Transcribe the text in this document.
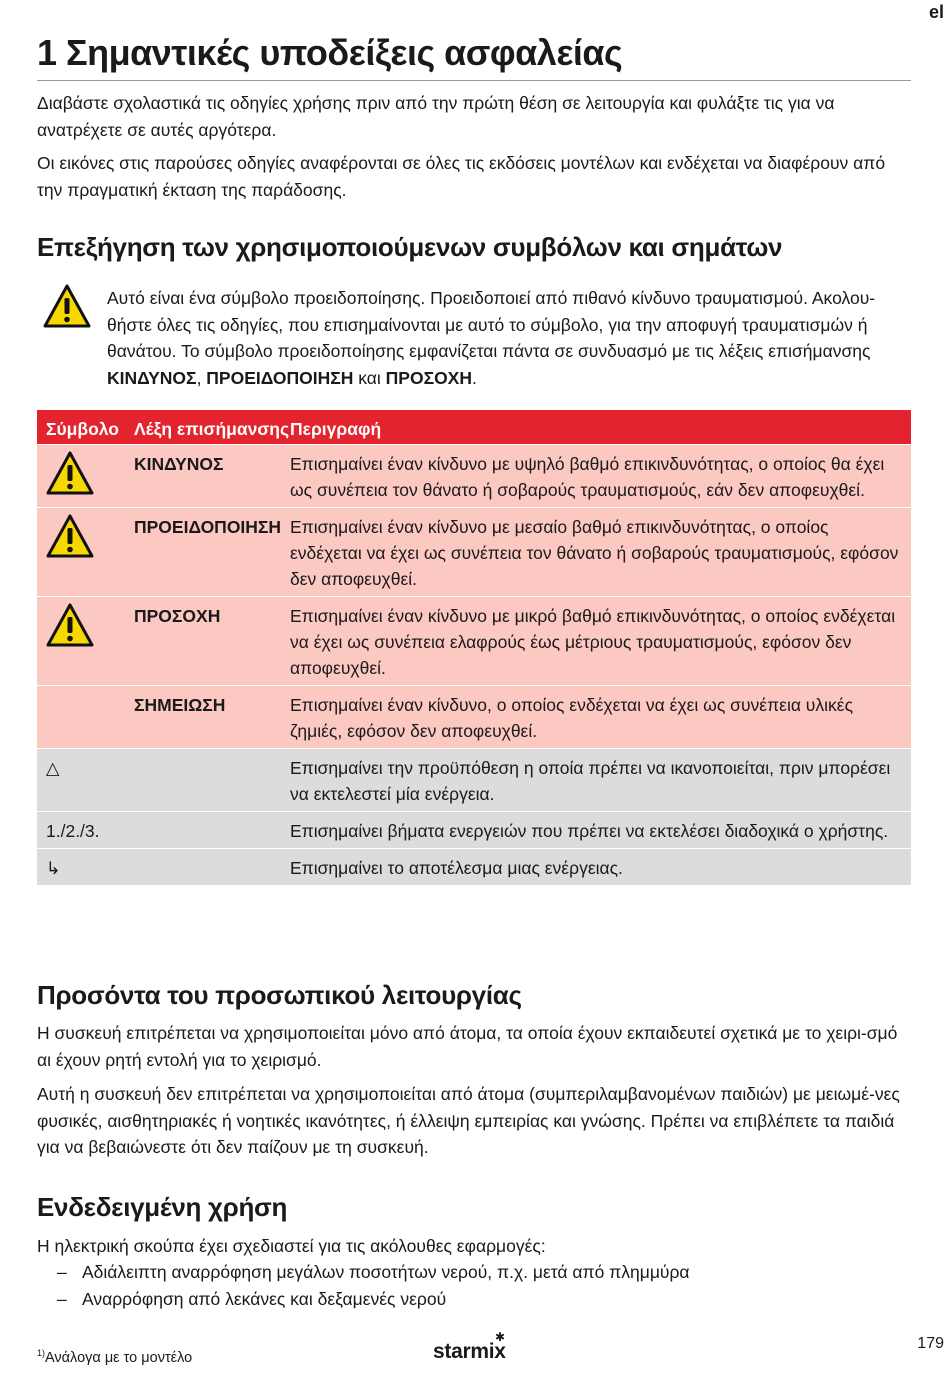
el
1 Σημαντικές υποδείξεις ασφαλείας

Διαβάστε σχολαστικά τις οδηγίες χρήσης πριν από την πρώτη θέση σε λειτουργία και φυλάξτε τις για να ανατρέχετε σε αυτές αργότερα.

Οι εικόνες στις παρούσες οδηγίες αναφέρονται σε όλες τις εκδόσεις μοντέλων και ενδέχεται να διαφέρουν από την πραγματική έκταση της παράδοσης.

Επεξήγηση των χρησιμοποιούμενων συμβόλων και σημάτων

Αυτό είναι ένα σύμβολο προειδοποίησης. Προειδοποιεί από πιθανό κίνδυνο τραυματισμού. Ακολου-θήστε όλες τις οδηγίες, που επισημαίνονται με αυτό το σύμβολο, για την αποφυγή τραυματισμών ή θανάτου. Το σύμβολο προειδοποίησης εμφανίζεται πάντα σε συνδυασμό με τις λέξεις επισήμανσης ΚΙΝΔΥΝΟΣ, ΠΡΟΕΙΔΟΠΟΙΗΣΗ και ΠΡΟΣΟΧΗ.

Σύμβολο	Λέξη επισήμανσης	Περιγραφή
	ΚΙΝΔΥΝΟΣ	Επισημαίνει έναν κίνδυνο με υψηλό βαθμό επικινδυνότητας, ο οποίος θα έχει ως συνέπεια τον θάνατο ή σοβαρούς τραυματισμούς, εάν δεν αποφευχθεί.
	ΠΡΟΕΙΔΟΠΟΙΗΣΗ	Επισημαίνει έναν κίνδυνο με μεσαίο βαθμό επικινδυνότητας, ο οποίος ενδέχεται να έχει ως συνέπεια τον θάνατο ή σοβαρούς τραυματισμούς, εφόσον δεν αποφευχθεί.
	ΠΡΟΣΟΧΗ	Επισημαίνει έναν κίνδυνο με μικρό βαθμό επικινδυνότητας, ο οποίος ενδέχεται να έχει ως συνέπεια ελαφρούς έως μέτριους τραυματισμούς, εφόσον δεν αποφευχθεί.
	ΣΗΜΕΙΩΣΗ	Επισημαίνει έναν κίνδυνο, ο οποίος ενδέχεται να έχει ως συνέπεια υλικές ζημιές, εφόσον δεν αποφευχθεί.
△		Επισημαίνει την προϋπόθεση η οποία πρέπει να ικανοποιείται, πριν μπορέσει να εκτελεστεί μία ενέργεια.
1./2./3.		Επισημαίνει βήματα ενεργειών που πρέπει να εκτελέσει διαδοχικά ο χρήστης.
↳		Επισημαίνει το αποτέλεσμα μιας ενέργειας.
Προσόντα του προσωπικού λειτουργίας

Η συσκευή επιτρέπεται να χρησιμοποιείται μόνο από άτομα, τα οποία έχουν εκπαιδευτεί σχετικά με το χειρι-σμό αι έχουν ρητή εντολή για το χειρισμό.

Αυτή η συσκευή δεν επιτρέπεται να χρησιμοποιείται από άτομα (συμπεριλαμβανομένων παιδιών) με μειωμέ-νες φυσικές, αισθητηριακές ή νοητικές ικανότητες, ή έλλειψη εμπειρίας και γνώσης. Πρέπει να επιβλέπετε τα παιδιά για να βεβαιώνεστε ότι δεν παίζουν με τη συσκευή.

Ενδεδειγμένη χρήση

Η ηλεκτρική σκούπα έχει σχεδιαστεί για τις ακόλουθες εφαρμογές:

– Αδιάλειπτη αναρρόφηση μεγάλων ποσοτήτων νερού, π.χ. μετά από πλημμύρα
– Αναρρόφηση από λεκάνες και δεξαμενές νερού
$^{1)}$Ανάλογα με το μοντέλο	starmix
✱	179
